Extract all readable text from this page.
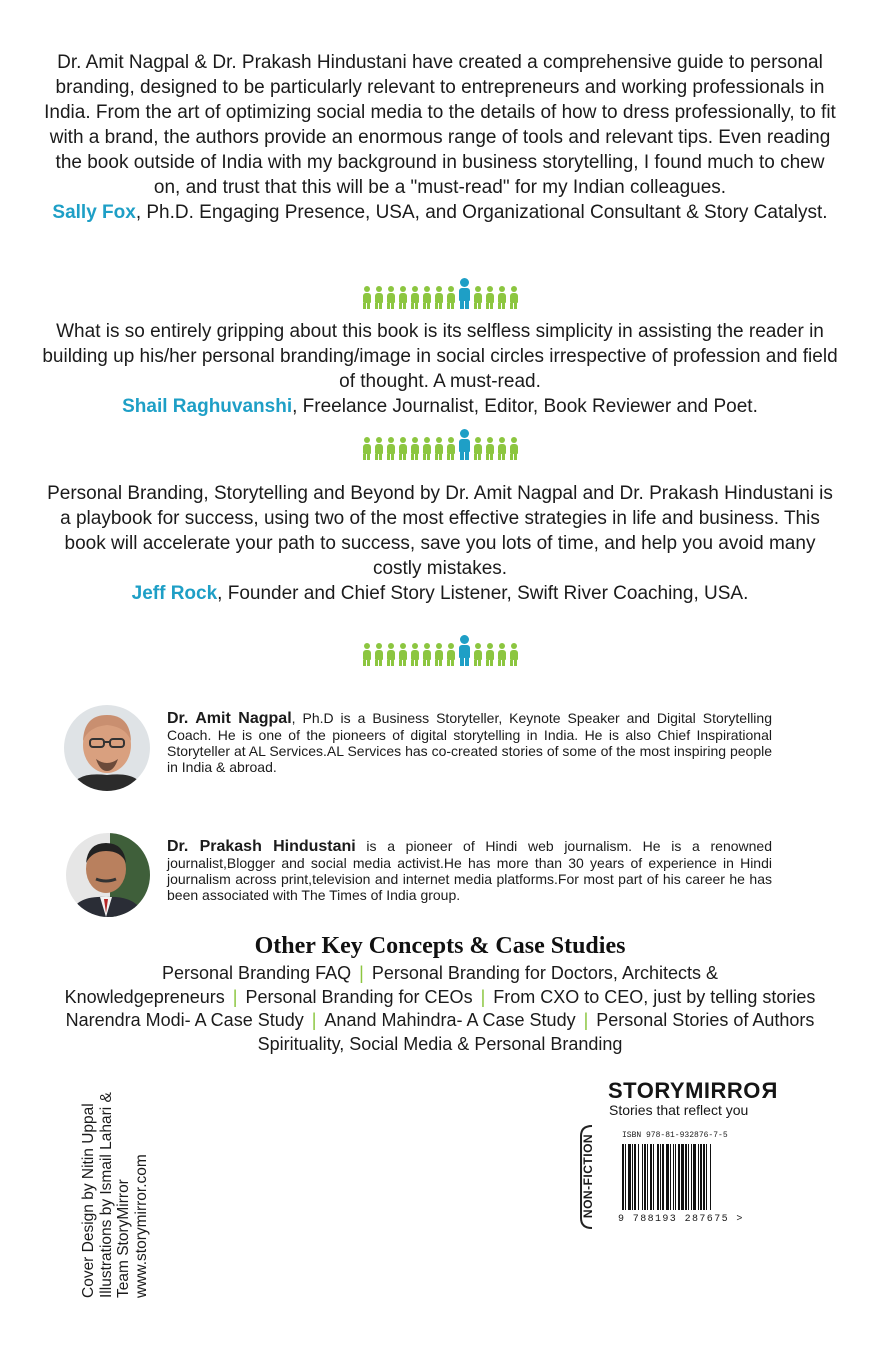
Dr. Amit Nagpal & Dr. Prakash Hindustani have created a comprehensive guide to personal branding, designed to be particularly relevant to entrepreneurs and working professionals in India. From the art of optimizing social media to the details of how to dress professionally, to fit with a brand, the authors provide an enormous range of tools and relevant tips. Even reading the book outside of India with my background in business storytelling, I found much to chew on, and trust that this will be a "must-read" for my Indian colleagues.
Sally Fox, Ph.D. Engaging Presence, USA, and Organizational Consultant & Story Catalyst.
What is so entirely gripping about this book is its selfless simplicity in assisting the reader in building up his/her personal branding/image in social circles irrespective of profession and field of thought. A must-read.
Shail Raghuvanshi, Freelance Journalist, Editor, Book Reviewer and Poet.
Personal Branding, Storytelling and Beyond by Dr. Amit Nagpal and Dr. Prakash Hindustani is a playbook for success, using two of the most effective strategies in life and business. This book will accelerate your path to success, save you lots of time, and help you avoid many costly mistakes.
Jeff Rock, Founder and Chief Story Listener, Swift River Coaching, USA.
Dr. Amit Nagpal, Ph.D is a Business Storyteller, Keynote Speaker and Digital Storytelling Coach. He is one of the pioneers of digital storytelling in India. He is also Chief Inspirational Storyteller at AL Services.AL Services has co-created stories of some of the most inspiring people in India & abroad.
Dr. Prakash Hindustani is a pioneer of Hindi web journalism. He is a renowned journalist,Blogger and social media activist.He has more than 30 years of experience in Hindi journalism across print,television and internet media platforms.For most part of his career he has been associated with The Times of India group.
Other Key Concepts & Case Studies
Personal Branding FAQ | Personal Branding for Doctors, Architects &
Knowledgepreneurs | Personal Branding for CEOs | From CXO to CEO, just by telling stories
Narendra Modi- A Case Study | Anand Mahindra- A Case Study | Personal Stories of Authors
Spirituality, Social Media & Personal Branding
Cover Design by Nitin Uppal Illustrations by Ismail Lahari & Team StoryMirror www.storymirror.com
STORYMIRROR
Stories that reflect you
NON-FICTION	ISBN 978-81-932876-7-5
9 788193 287675 >
